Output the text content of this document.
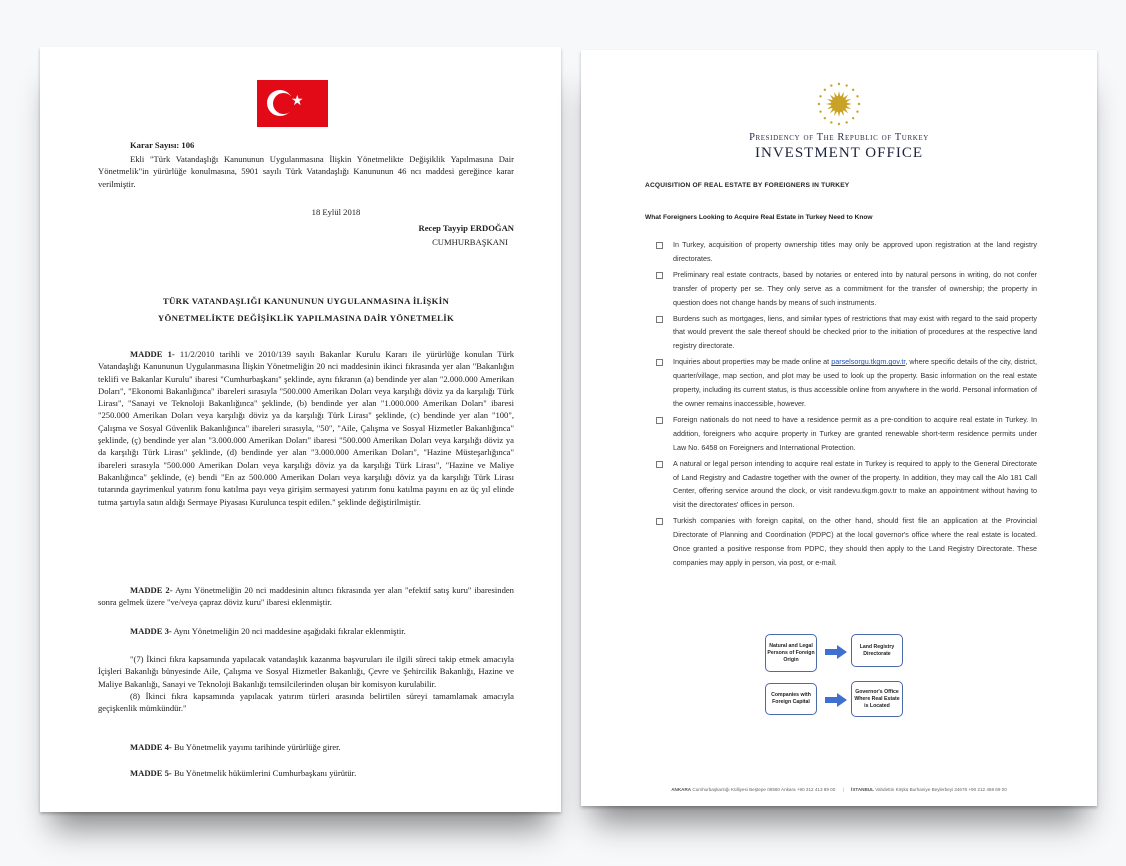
★
Karar Sayısı: 106
Ekli "Türk Vatandaşlığı Kanununun Uygulanmasına İlişkin Yönetmelikte Değişiklik Yapılmasına Dair Yönetmelik"in yürürlüğe konulmasına, 5901 sayılı Türk Vatandaşlığı Kanununun 46 ncı maddesi gereğince karar verilmiştir.
18 Eylül 2018
Recep Tayyip ERDOĞAN
CUMHURBAŞKANI
TÜRK VATANDAŞLIĞI KANUNUNUN UYGULANMASINA İLİŞKİN
YÖNETMELİKTE DEĞİŞİKLİK YAPILMASINA DAİR YÖNETMELİK
MADDE 1- 11/2/2010 tarihli ve 2010/139 sayılı Bakanlar Kurulu Kararı ile yürürlüğe konulan Türk Vatandaşlığı Kanununun Uygulanmasına İlişkin Yönetmeliğin 20 nci maddesinin ikinci fıkrasında yer alan "Bakanlığın teklifi ve Bakanlar Kurulu" ibaresi "Cumhurbaşkanı" şeklinde, aynı fıkranın (a) bendinde yer alan "2.000.000 Amerikan Doları", "Ekonomi Bakanlığınca" ibareleri sırasıyla "500.000 Amerikan Doları veya karşılığı döviz ya da karşılığı Türk Lirası", "Sanayi ve Teknoloji Bakanlığınca" şeklinde, (b) bendinde yer alan "1.000.000 Amerikan Doları" ibaresi "250.000 Amerikan Doları veya karşılığı döviz ya da karşılığı Türk Lirası" şeklinde, (c) bendinde yer alan "100", Çalışma ve Sosyal Güvenlik Bakanlığınca" ibareleri sırasıyla, "50", "Aile, Çalışma ve Sosyal Hizmetler Bakanlığınca" şeklinde, (ç) bendinde yer alan "3.000.000 Amerikan Doları" ibaresi "500.000 Amerikan Doları veya karşılığı döviz ya da karşılığı Türk Lirası" şeklinde, (d) bendinde yer alan "3.000.000 Amerikan Doları", "Hazine Müsteşarlığınca" ibareleri sırasıyla "500.000 Amerikan Doları veya karşılığı döviz ya da karşılığı Türk Lirası", "Hazine ve Maliye Bakanlığınca" şeklinde, (e) bendi "En az 500.000 Amerikan Doları veya karşılığı döviz ya da karşılığı Türk Lirası tutarında gayrimenkul yatırım fonu katılma payı veya girişim sermayesi yatırım fonu katılma payını en az üç yıl elinde tutma şartıyla satın aldığı Sermaye Piyasası Kurulunca tespit edilen." şeklinde değiştirilmiştir.
MADDE 2- Aynı Yönetmeliğin 20 nci maddesinin altıncı fıkrasında yer alan "efektif satış kuru" ibaresinden sonra gelmek üzere "ve/veya çapraz döviz kuru" ibaresi eklenmiştir.
MADDE 3- Aynı Yönetmeliğin 20 nci maddesine aşağıdaki fıkralar eklenmiştir.
"(7) İkinci fıkra kapsamında yapılacak vatandaşlık kazanma başvuruları ile ilgili süreci takip etmek amacıyla İçişleri Bakanlığı bünyesinde Aile, Çalışma ve Sosyal Hizmetler Bakanlığı, Çevre ve Şehircilik Bakanlığı, Hazine ve Maliye Bakanlığı, Sanayi ve Teknoloji Bakanlığı temsilcilerinden oluşan bir komisyon kurulabilir.
(8) İkinci fıkra kapsamında yapılacak yatırım türleri arasında belirtilen süreyi tamamlamak amacıyla geçişkenlik mümkündür."
MADDE 4- Bu Yönetmelik yayımı tarihinde yürürlüğe girer.
MADDE 5- Bu Yönetmelik hükümlerini Cumhurbaşkanı yürütür.
Presidency of The Republic of Turkey
INVESTMENT OFFICE
ACQUISITION OF REAL ESTATE BY FOREIGNERS IN TURKEY
What Foreigners Looking to Acquire Real Estate in Turkey Need to Know
In Turkey, acquisition of property ownership titles may only be approved upon registration at the land registry directorates.
Preliminary real estate contracts, based by notaries or entered into by natural persons in writing, do not confer transfer of property per se. They only serve as a commitment for the transfer of ownership; the property in question does not change hands by means of such instruments.
Burdens such as mortgages, liens, and similar types of restrictions that may exist with regard to the said property that would prevent the sale thereof should be checked prior to the initiation of procedures at the respective land registry directorate.
Inquiries about properties may be made online at parselsorgu.tkgm.gov.tr, where specific details of the city, district, quarter/village, map section, and plot may be used to look up the property. Basic information on the real estate property, including its current status, is thus accessible online from anywhere in the world. Personal information of the owner remains inaccessible, however.
Foreign nationals do not need to have a residence permit as a pre-condition to acquire real estate in Turkey. In addition, foreigners who acquire property in Turkey are granted renewable short-term residence permits under Law No. 6458 on Foreigners and International Protection.
A natural or legal person intending to acquire real estate in Turkey is required to apply to the General Directorate of Land Registry and Cadastre together with the owner of the property. In addition, they may call the Alo 181 Call Center, offering service around the clock, or visit randevu.tkgm.gov.tr to make an appointment without having to visit the directorates' offices in person.
Turkish companies with foreign capital, on the other hand, should first file an application at the Provincial Directorate of Planning and Coordination (PDPC) at the local governor's office where the real estate is located. Once granted a positive response from PDPC, they should then apply to the Land Registry Directorate. These companies may apply in person, via post, or e-mail.
Natural and Legal Persons of Foreign Origin
Land Registry Directorate
Companies with Foreign Capital
Governor's Office Where Real Estate is Located
ANKARA Cumhurbaşkanlığı Külliyesi Beştepe 06560 Ankara +90 312 413 89 00 | İSTANBUL Vahdettin Köşkü Burhaniye Beylerbeyi 34676 +90 212 468 69 00
